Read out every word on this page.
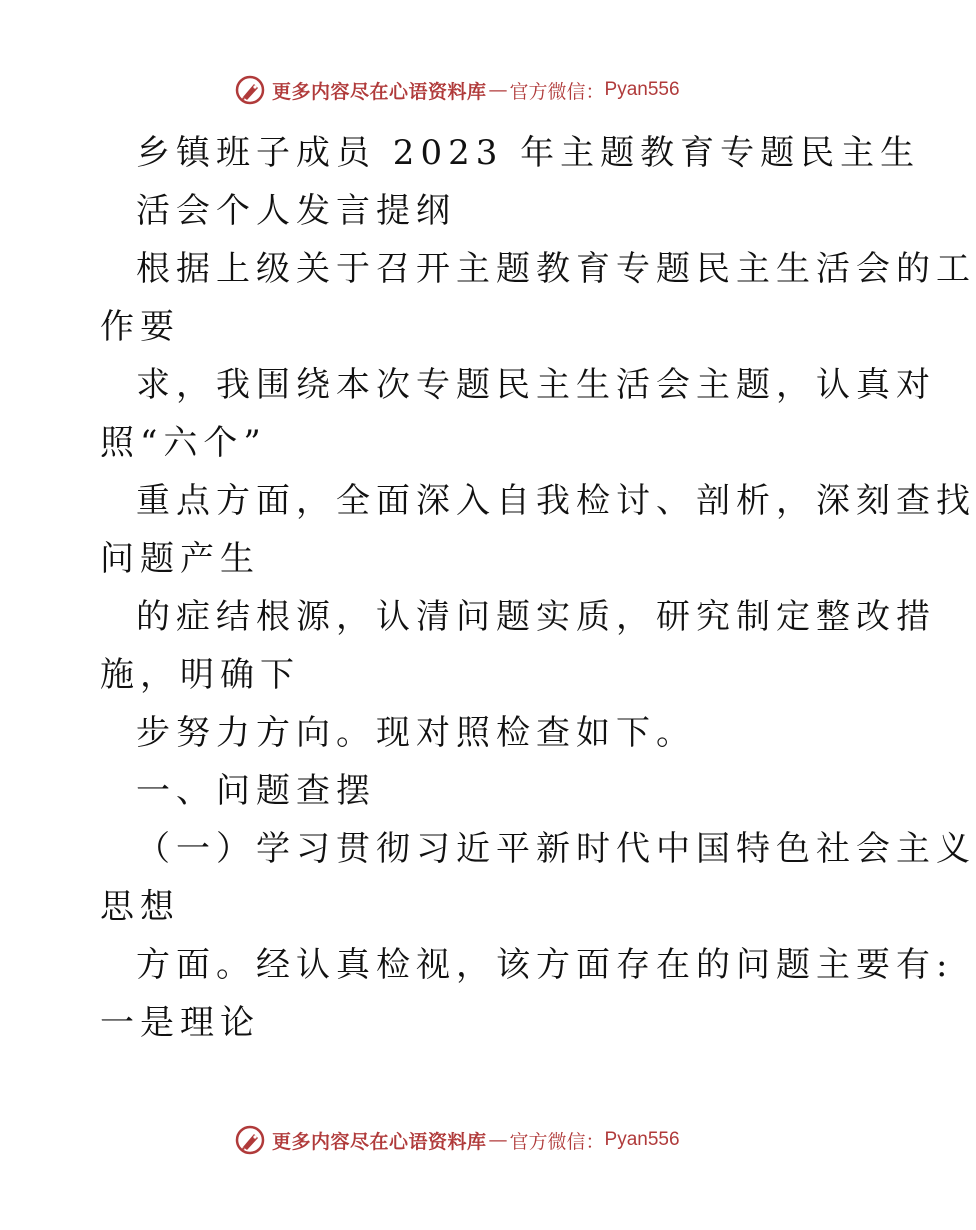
更多内容尽在心语资料库 — 官方微信： Pyan556
乡镇班子成员 2023 年主题教育专题民主生
活会个人发言提纲
根据上级关于召开主题教育专题民主生活会的工
作要
求，我围绕本次专题民主生活会主题，认真对
照“六个”
重点方面，全面深入自我检讨、剖析，深刻查找
问题产生
的症结根源，认清问题实质，研究制定整改措
施，明确下
步努力方向。现对照检查如下。
一、问题查摆
（一）学习贯彻习近平新时代中国特色社会主义
思想
方面。经认真检视，该方面存在的问题主要有:
一是理论
更多内容尽在心语资料库 — 官方微信： Pyan556
